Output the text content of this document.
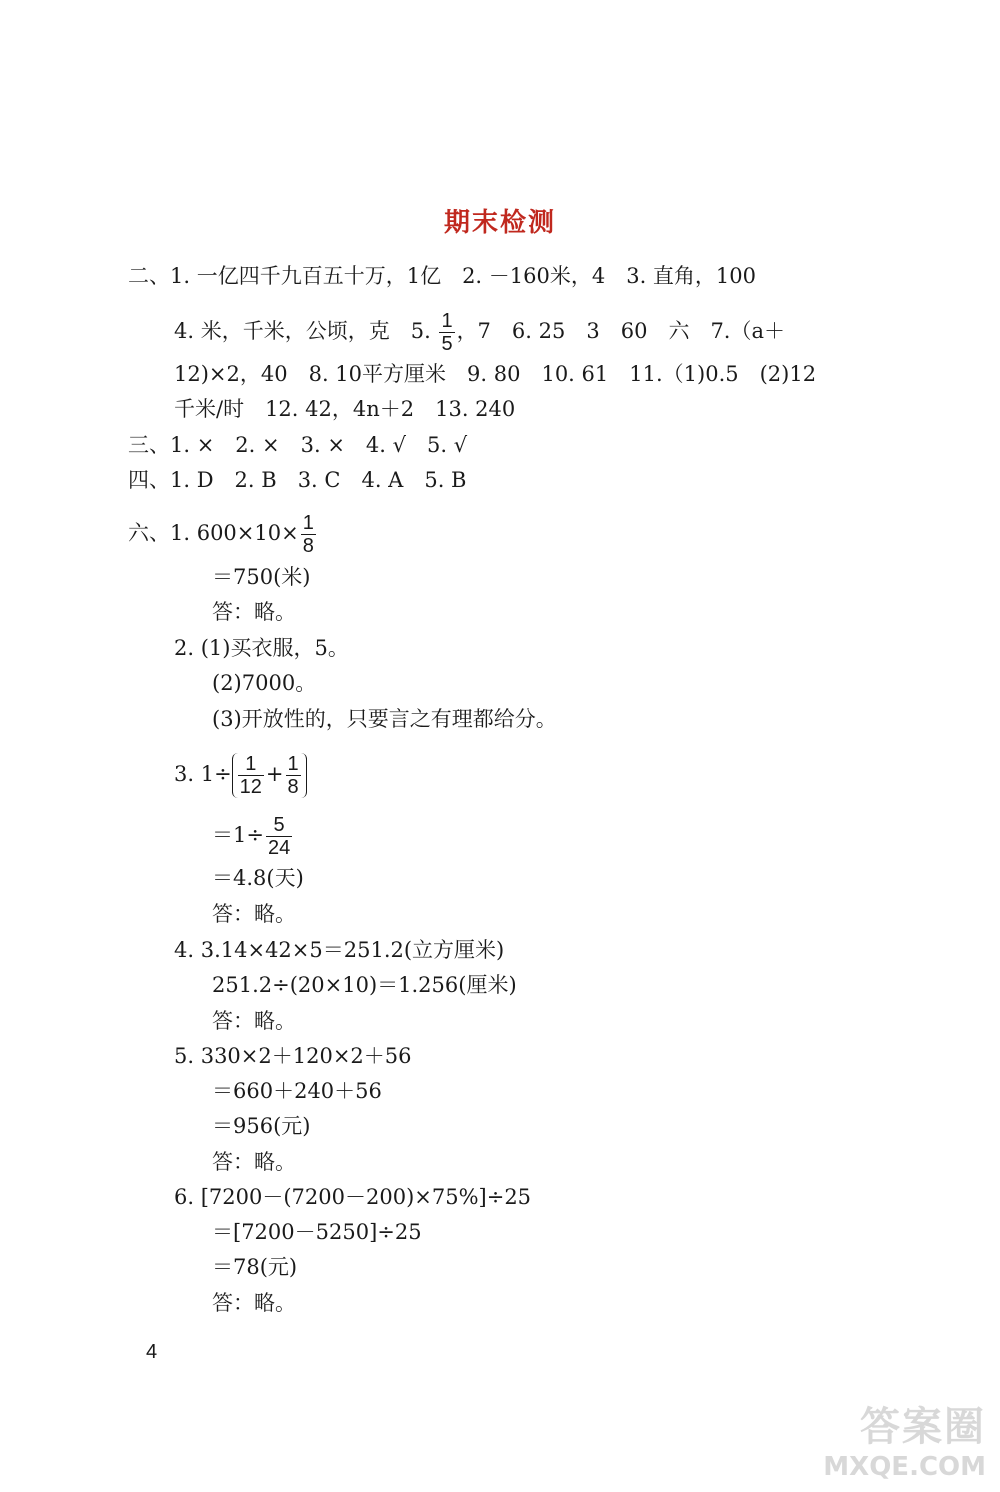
期末检测
二、1. 一亿四千九百五十万，1亿　2. －160米，4　3. 直角，100
4. 米，千米，公顷，克　5. $\frac{1}{5}$ ，7　6. 25　3　60　六　7.（a＋
12)×2，40　8. 10平方厘米　9. 80　10. 61　11.（1)0.5　(2)12
千米/时　12. 42，4n＋2　13. 240
三、1. ×　2. ×　3. ×　4. √　5. √
四、1. D　2. B　3. C　4. A　5. B
六、1. $600\times 10\times \frac{1}{8}$
＝750(米)
答：略。
2. (1)买衣服，5。
(2)7000。
(3)开放性的，只要言之有理都给分。
3. $1\div \frac{1}{12} + \frac{1}{8}$
$=1\div \frac{5}{24}$
＝4.8(天)
答：略。
4. 3.14×42×5＝251.2(立方厘米)
251.2÷(20×10)＝1.256(厘米)
答：略。
5. 330×2＋120×2＋56
＝660＋240＋56
＝956(元)
答：略。
6. [7200－(7200－200)×75%]÷25
＝[7200－5250]÷25
＝78(元)
答：略。
4
答案圈
MXQE.COM
